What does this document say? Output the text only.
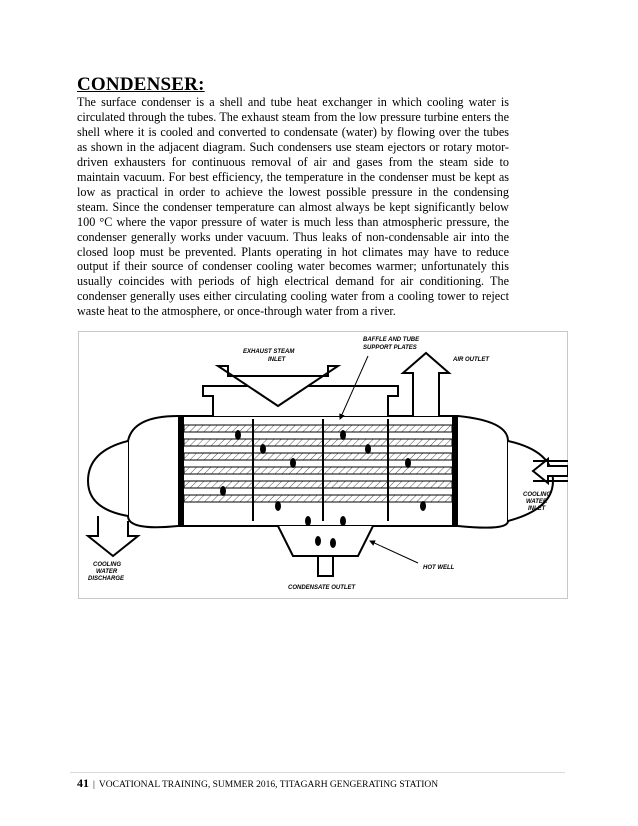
CONDENSER:

The surface condenser is a shell and tube heat exchanger in which cooling water is circulated through the tubes. The exhaust steam from the low pressure turbine enters the shell where it is cooled and converted to condensate (water) by flowing over the tubes as shown in the adjacent diagram. Such condensers use steam ejectors or rotary motor-driven exhausters for continuous removal of air and gases from the steam side to maintain vacuum. For best efficiency, the temperature in the condenser must be kept as low as practical in order to achieve the lowest possible pressure in the condensing steam. Since the condenser temperature can almost always be kept significantly below 100 °C where the vapor pressure of water is much less than atmospheric pressure, the condenser generally works under vacuum. Thus leaks of non-condensable air into the closed loop must be prevented. Plants operating in hot climates may have to reduce output if their source of condenser cooling water becomes warmer; unfortunately this usually coincides with periods of high electrical demand for air conditioning. The condenser generally uses either circulating cooling water from a cooling tower to reject waste heat to the atmosphere, or once-through water from a river.

EXHAUST STEAM
INLET
BAFFLE AND TUBE
SUPPORT PLATES
AIR OUTLET
COOLING
WATER
INLET
COOLING
WATER
DISCHARGE
CONDENSATE OUTLET
HOT WELL
41 | VOCATIONAL TRAINING, SUMMER 2016, TITAGARH GENGERATING STATION
